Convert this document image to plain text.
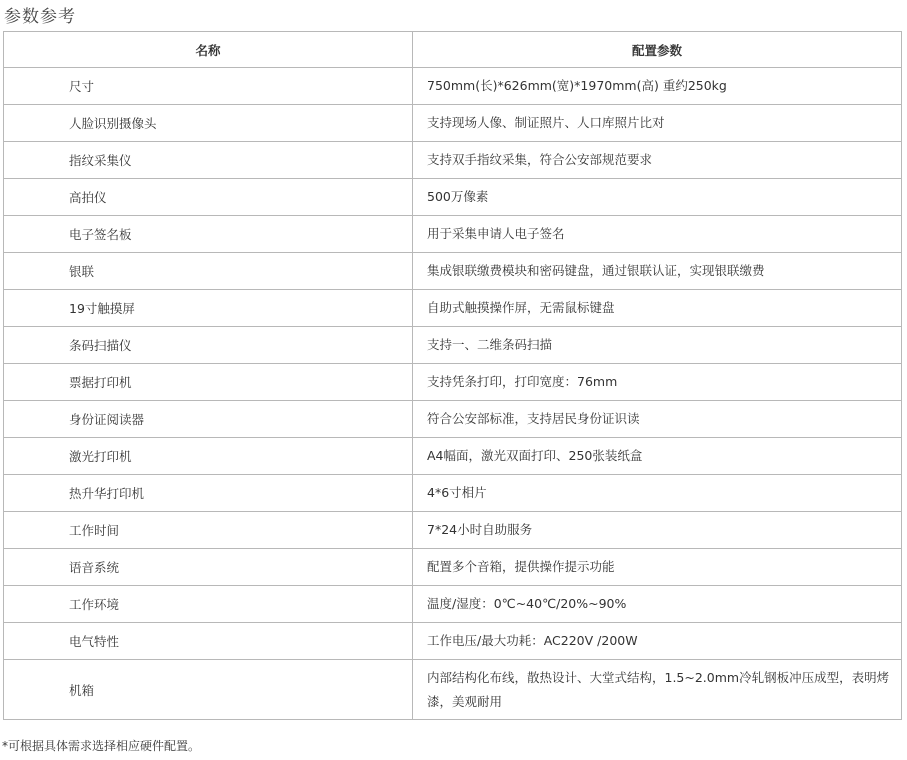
参数参考
名称	配置参数
尺寸	750mm(长)*626mm(宽)*1970mm(高) 重约250kg
人脸识别摄像头	支持现场人像、制证照片、人口库照片比对
指纹采集仪	支持双手指纹采集，符合公安部规范要求
高拍仪	500万像素
电子签名板	用于采集申请人电子签名
银联	集成银联缴费模块和密码键盘，通过银联认证，实现银联缴费
19寸触摸屏	自助式触摸操作屏，无需鼠标键盘
条码扫描仪	支持一、二维条码扫描
票据打印机	支持凭条打印，打印宽度：76mm
身份证阅读器	符合公安部标准，支持居民身份证识读
激光打印机	A4幅面，激光双面打印、250张装纸盒
热升华打印机	4*6寸相片
工作时间	7*24小时自助服务
语音系统	配置多个音箱，提供操作提示功能
工作环境	温度/湿度：0℃~40℃/20%~90%
电气特性	工作电压/最大功耗：AC220V /200W
机箱	内部结构化布线，散热设计、大堂式结构，1.5~2.0mm冷轧钢板冲压成型，表明烤漆，美观耐用
*可根据具体需求选择相应硬件配置。
